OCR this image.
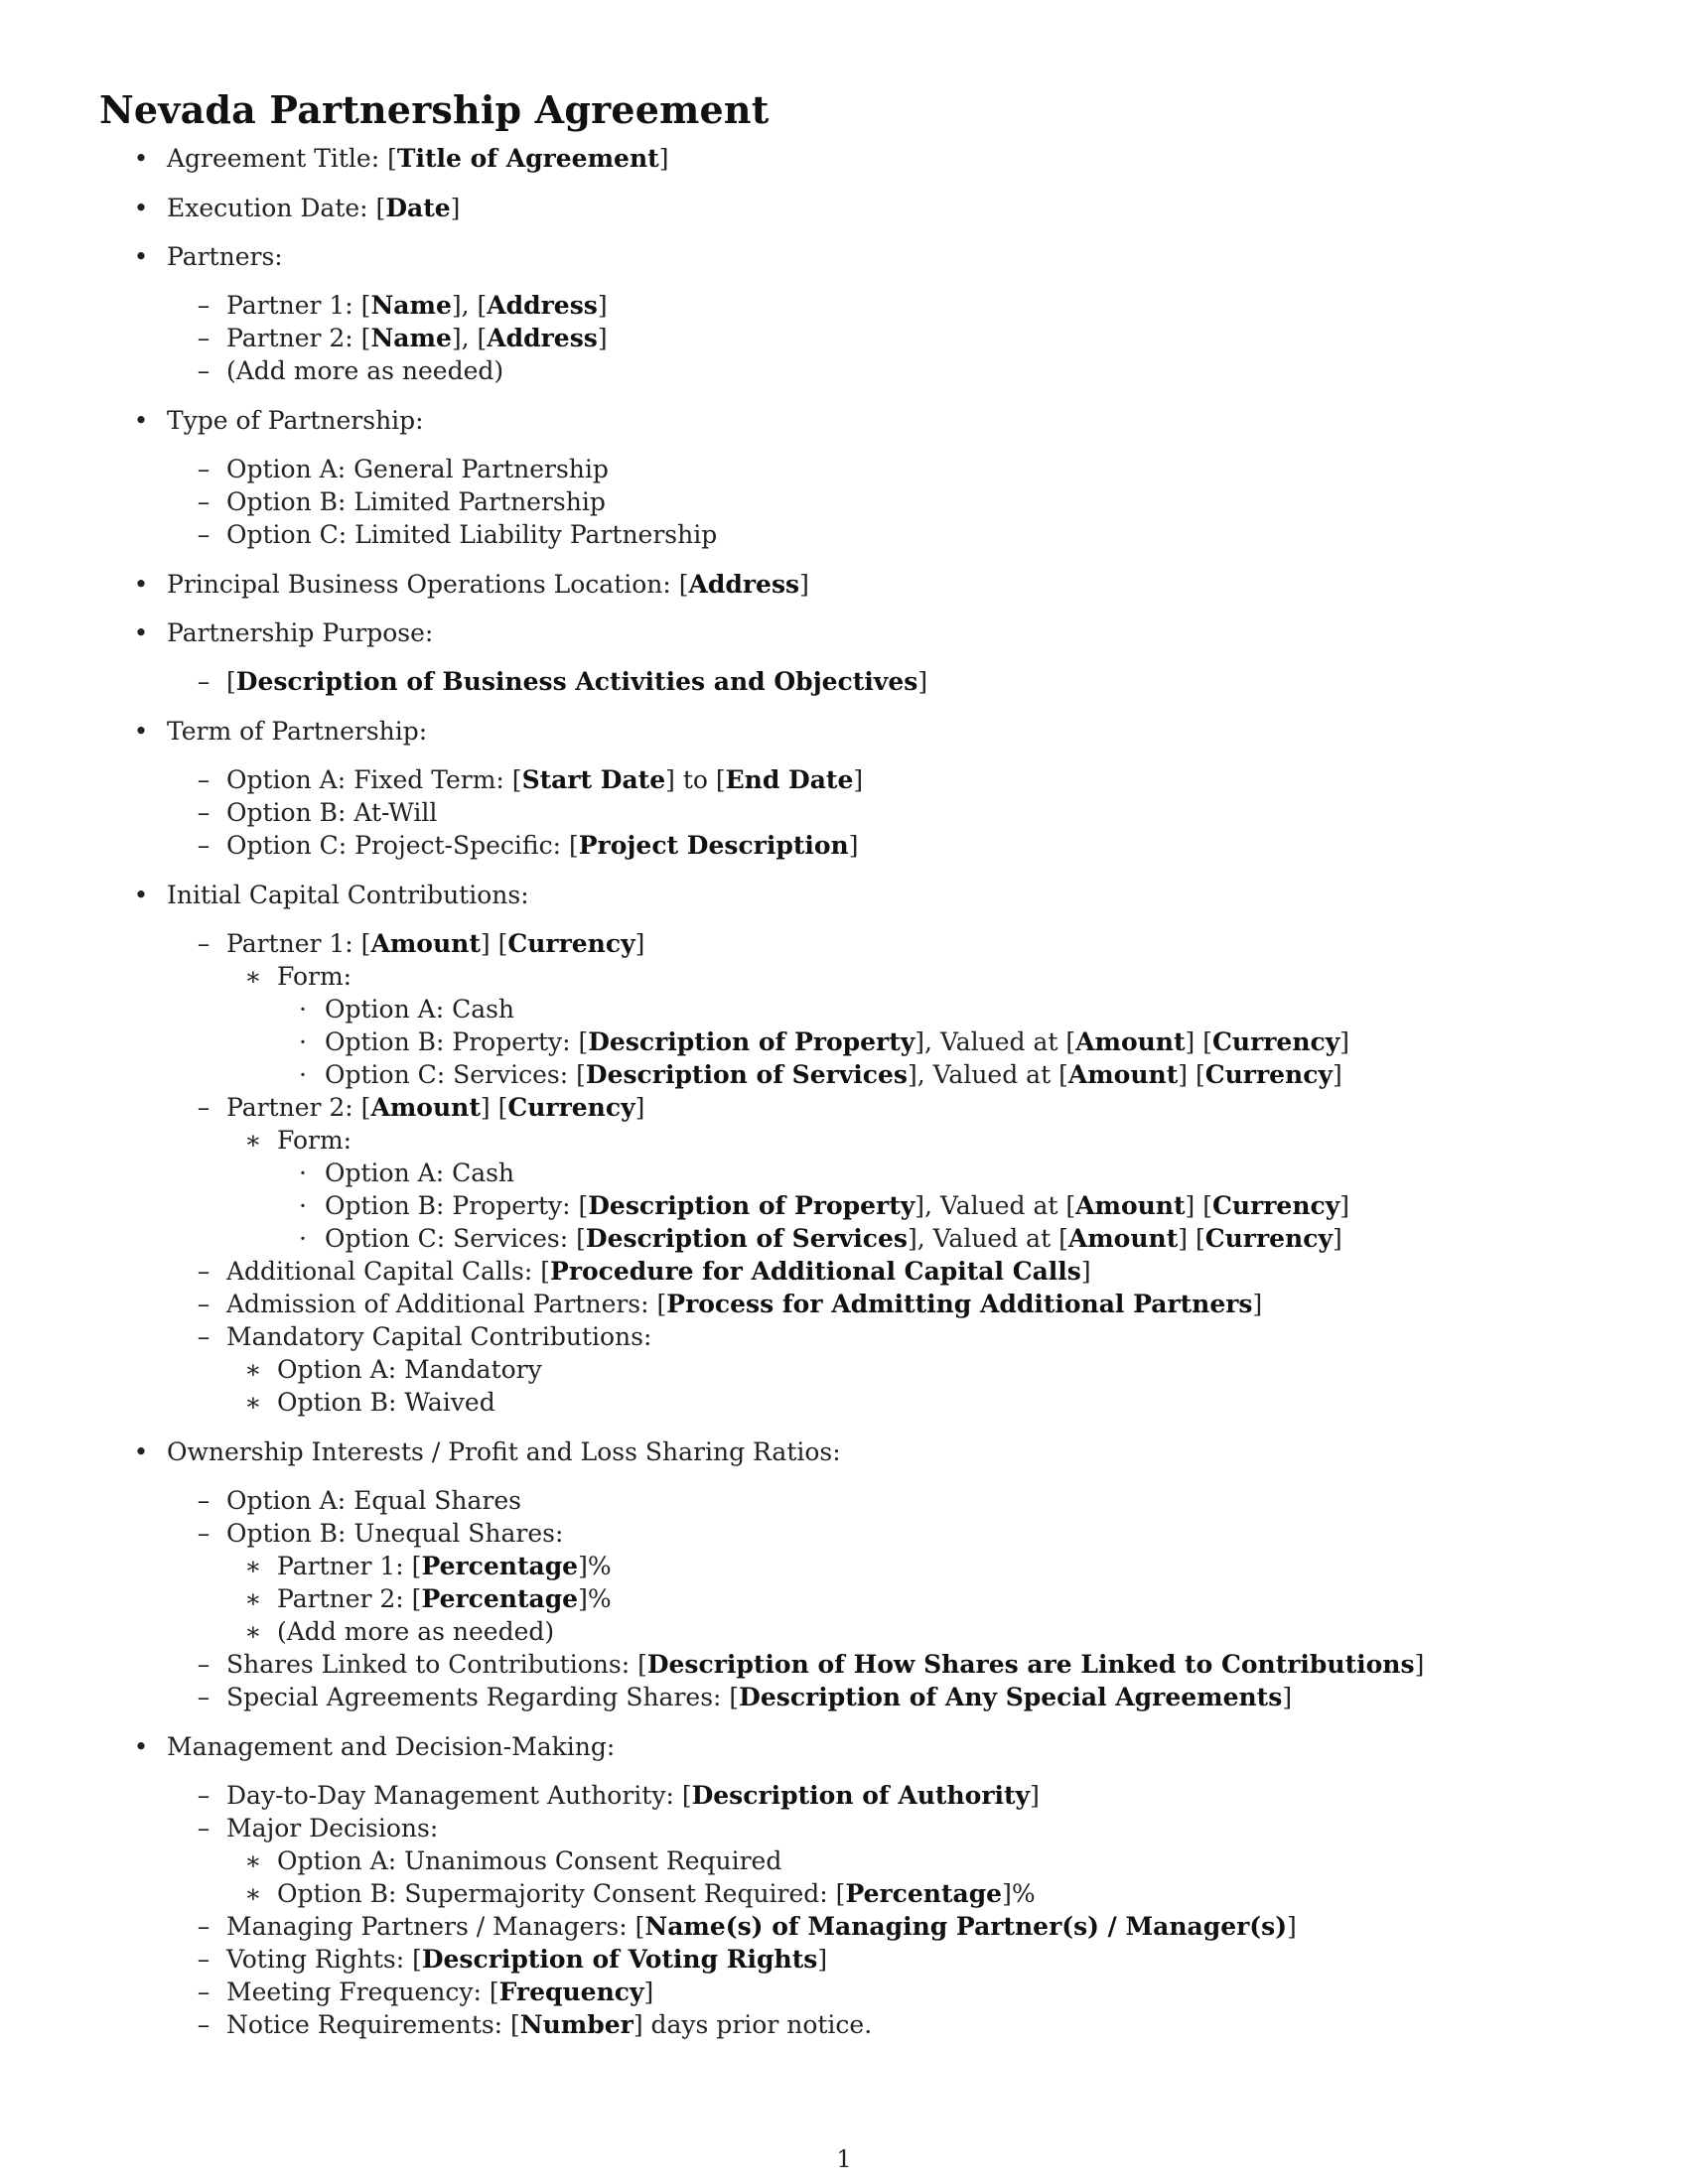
Nevada Partnership Agreement
• Agreement Title: [Title of Agreement]
• Execution Date: [Date]
• Partners:
– Partner 1: [Name], [Address]
– Partner 2: [Name], [Address]
– (Add more as needed)
• Type of Partnership:
– Option A: General Partnership
– Option B: Limited Partnership
– Option C: Limited Liability Partnership
• Principal Business Operations Location: [Address]
• Partnership Purpose:
– [Description of Business Activities and Objectives]
• Term of Partnership:
– Option A: Fixed Term: [Start Date] to [End Date]
– Option B: At-Will
– Option C: Project-Specific: [Project Description]
• Initial Capital Contributions:
– Partner 1: [Amount] [Currency]
∗ Form:
· Option A: Cash
· Option B: Property: [Description of Property], Valued at [Amount] [Currency]
· Option C: Services: [Description of Services], Valued at [Amount] [Currency]
– Partner 2: [Amount] [Currency]
∗ Form:
· Option A: Cash
· Option B: Property: [Description of Property], Valued at [Amount] [Currency]
· Option C: Services: [Description of Services], Valued at [Amount] [Currency]
– Additional Capital Calls: [Procedure for Additional Capital Calls]
– Admission of Additional Partners: [Process for Admitting Additional Partners]
– Mandatory Capital Contributions:
∗ Option A: Mandatory
∗ Option B: Waived
• Ownership Interests / Profit and Loss Sharing Ratios:
– Option A: Equal Shares
– Option B: Unequal Shares:
∗ Partner 1: [Percentage]%
∗ Partner 2: [Percentage]%
∗ (Add more as needed)
– Shares Linked to Contributions: [Description of How Shares are Linked to Contributions]
– Special Agreements Regarding Shares: [Description of Any Special Agreements]
• Management and Decision-Making:
– Day-to-Day Management Authority: [Description of Authority]
– Major Decisions:
∗ Option A: Unanimous Consent Required
∗ Option B: Supermajority Consent Required: [Percentage]%
– Managing Partners / Managers: [Name(s) of Managing Partner(s) / Manager(s)]
– Voting Rights: [Description of Voting Rights]
– Meeting Frequency: [Frequency]
– Notice Requirements: [Number] days prior notice.
1
